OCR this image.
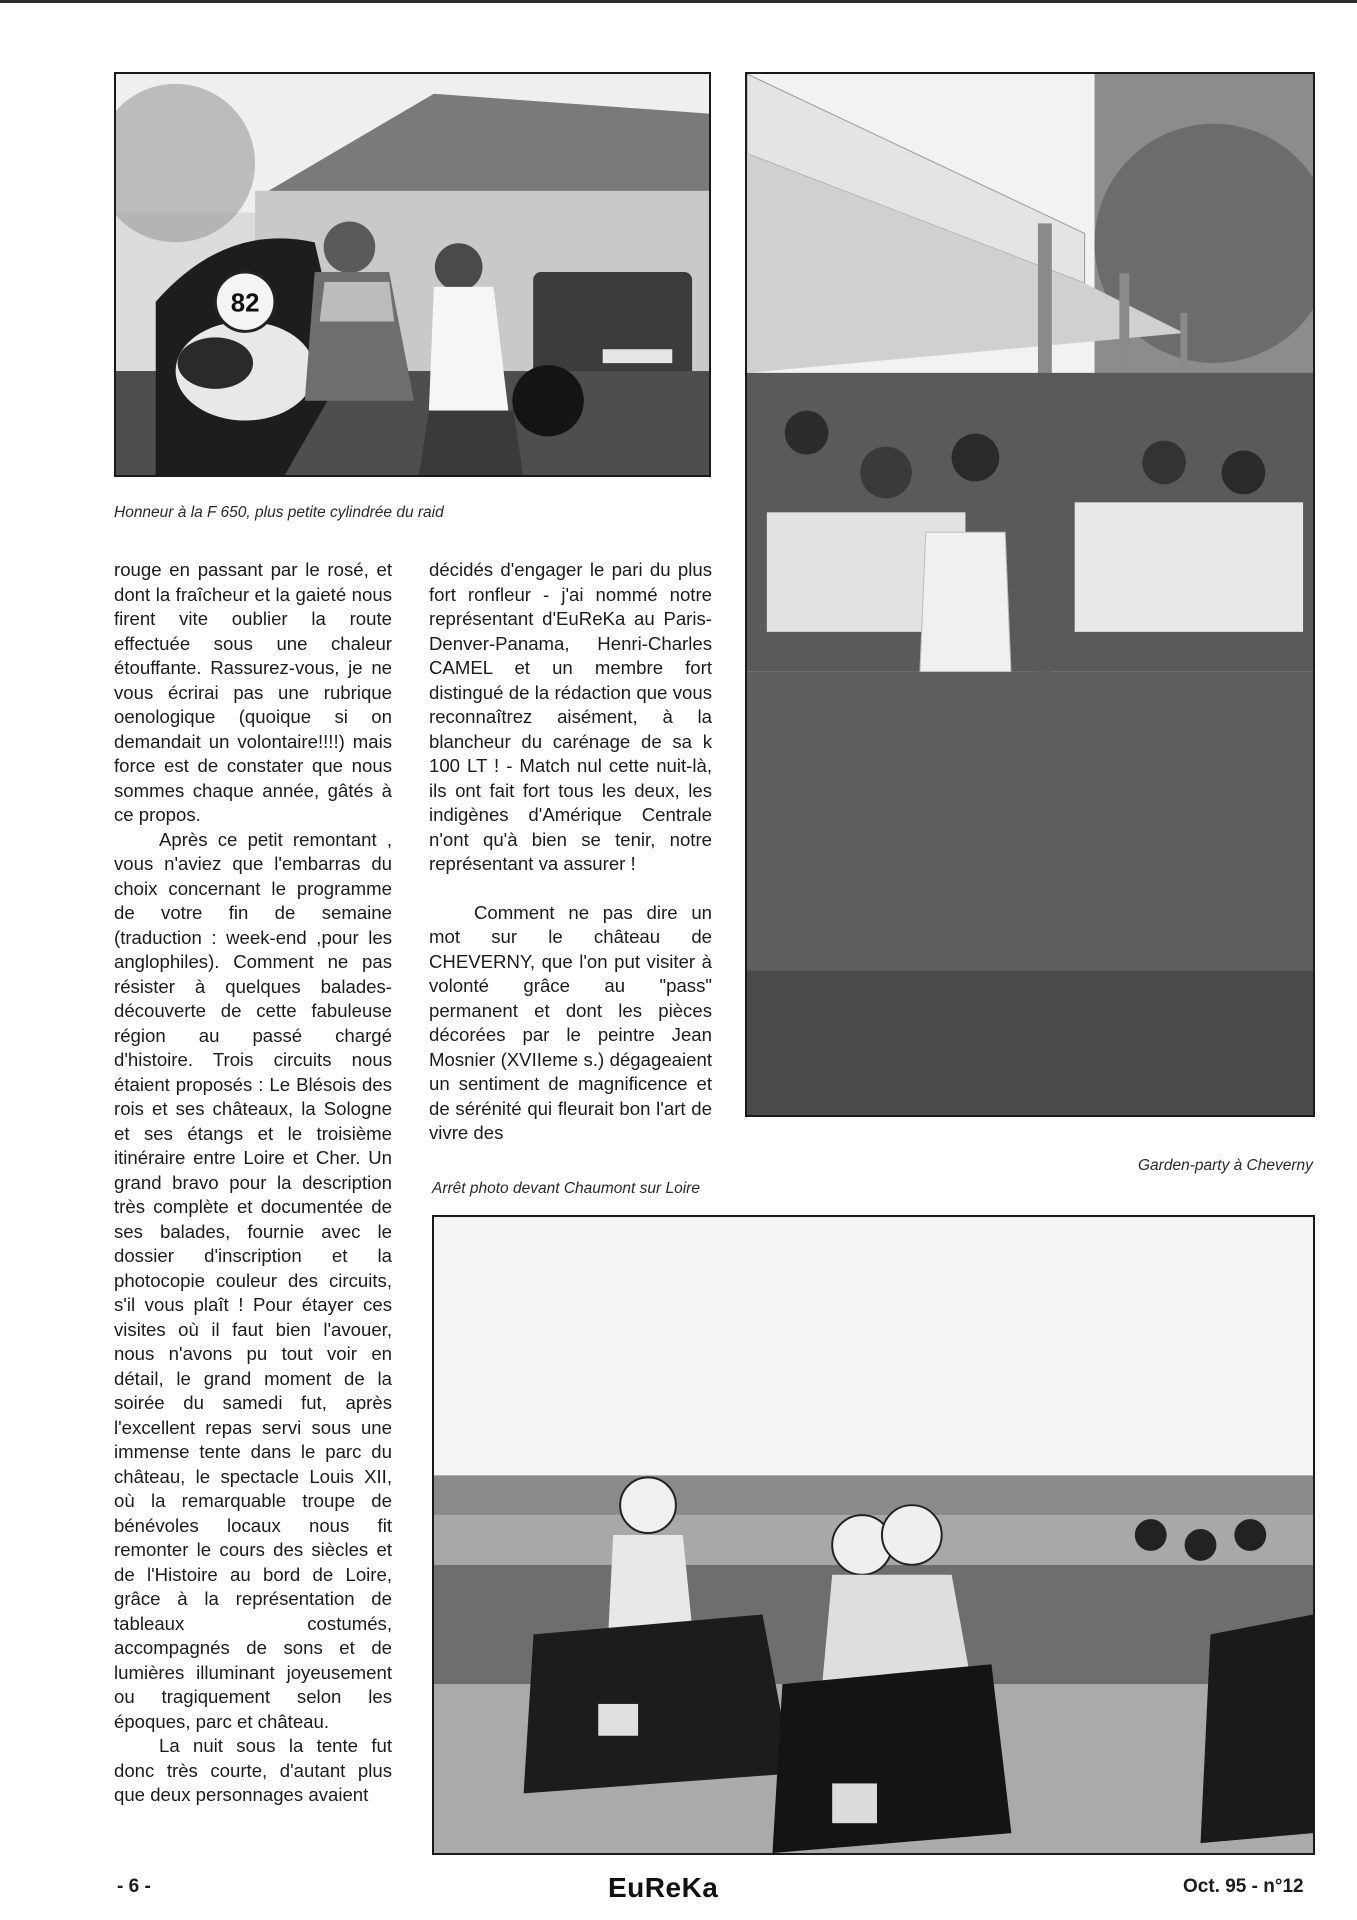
82
Honneur à la F 650, plus petite cylindrée du raid
Garden-party à Cheverny

rouge en passant par le rosé, et dont la fraîcheur et la gaieté nous firent vite oublier la route effectuée sous une chaleur étouffante. Rassurez-vous, je ne vous écrirai pas une rubrique oenologique (quoique si on demandait un volontaire!!!!) mais force est de constater que nous sommes chaque année, gâtés à ce propos.

Après ce petit remontant , vous n'aviez que l'embarras du choix concernant le programme de votre fin de semaine (traduction : week-end ,pour les anglophiles). Comment ne pas résister à quelques balades- découverte de cette fabuleuse région au passé chargé d'histoire. Trois circuits nous étaient proposés : Le Blésois des rois et ses châteaux, la Sologne et ses étangs et le troisième itinéraire entre Loire et Cher. Un grand bravo pour la description très complète et documentée de ses balades, fournie avec le dossier d'inscription et la photocopie couleur des circuits, s'il vous plaît ! Pour étayer ces visites où il faut bien l'avouer, nous n'avons pu tout voir en détail, le grand moment de la soirée du samedi fut, après l'excellent repas servi sous une immense tente dans le parc du château, le spectacle Louis XII, où la remarquable troupe de bénévoles locaux nous fit remonter le cours des siècles et de l'Histoire au bord de Loire, grâce à la représentation de tableaux costumés, accompagnés de sons et de lumières illuminant joyeusement ou tragiquement selon les époques, parc et château.

La nuit sous la tente fut donc très courte, d'autant plus que deux personnages avaient

décidés d'engager le pari du plus fort ronfleur - j'ai nommé notre représentant d'EuReKa au Paris-Denver-Panama, Henri-Charles CAMEL et un membre fort distingué de la rédaction que vous reconnaîtrez aisément, à la blancheur du carénage de sa k 100 LT ! - Match nul cette nuit-là, ils ont fait fort tous les deux, les indigènes d'Amérique Centrale n'ont qu'à bien se tenir, notre représentant va assurer !

Comment ne pas dire un mot sur le château de CHEVERNY, que l'on put visiter à volonté grâce au "pass" permanent et dont les pièces décorées par le peintre Jean Mosnier (XVIIeme s.) dégageaient un sentiment de magnificence et de sérénité qui fleurait bon l'art de vivre des

Arrêt photo devant Chaumont sur Loire
- 6 -	EuReKa	Oct. 95 - n°12
